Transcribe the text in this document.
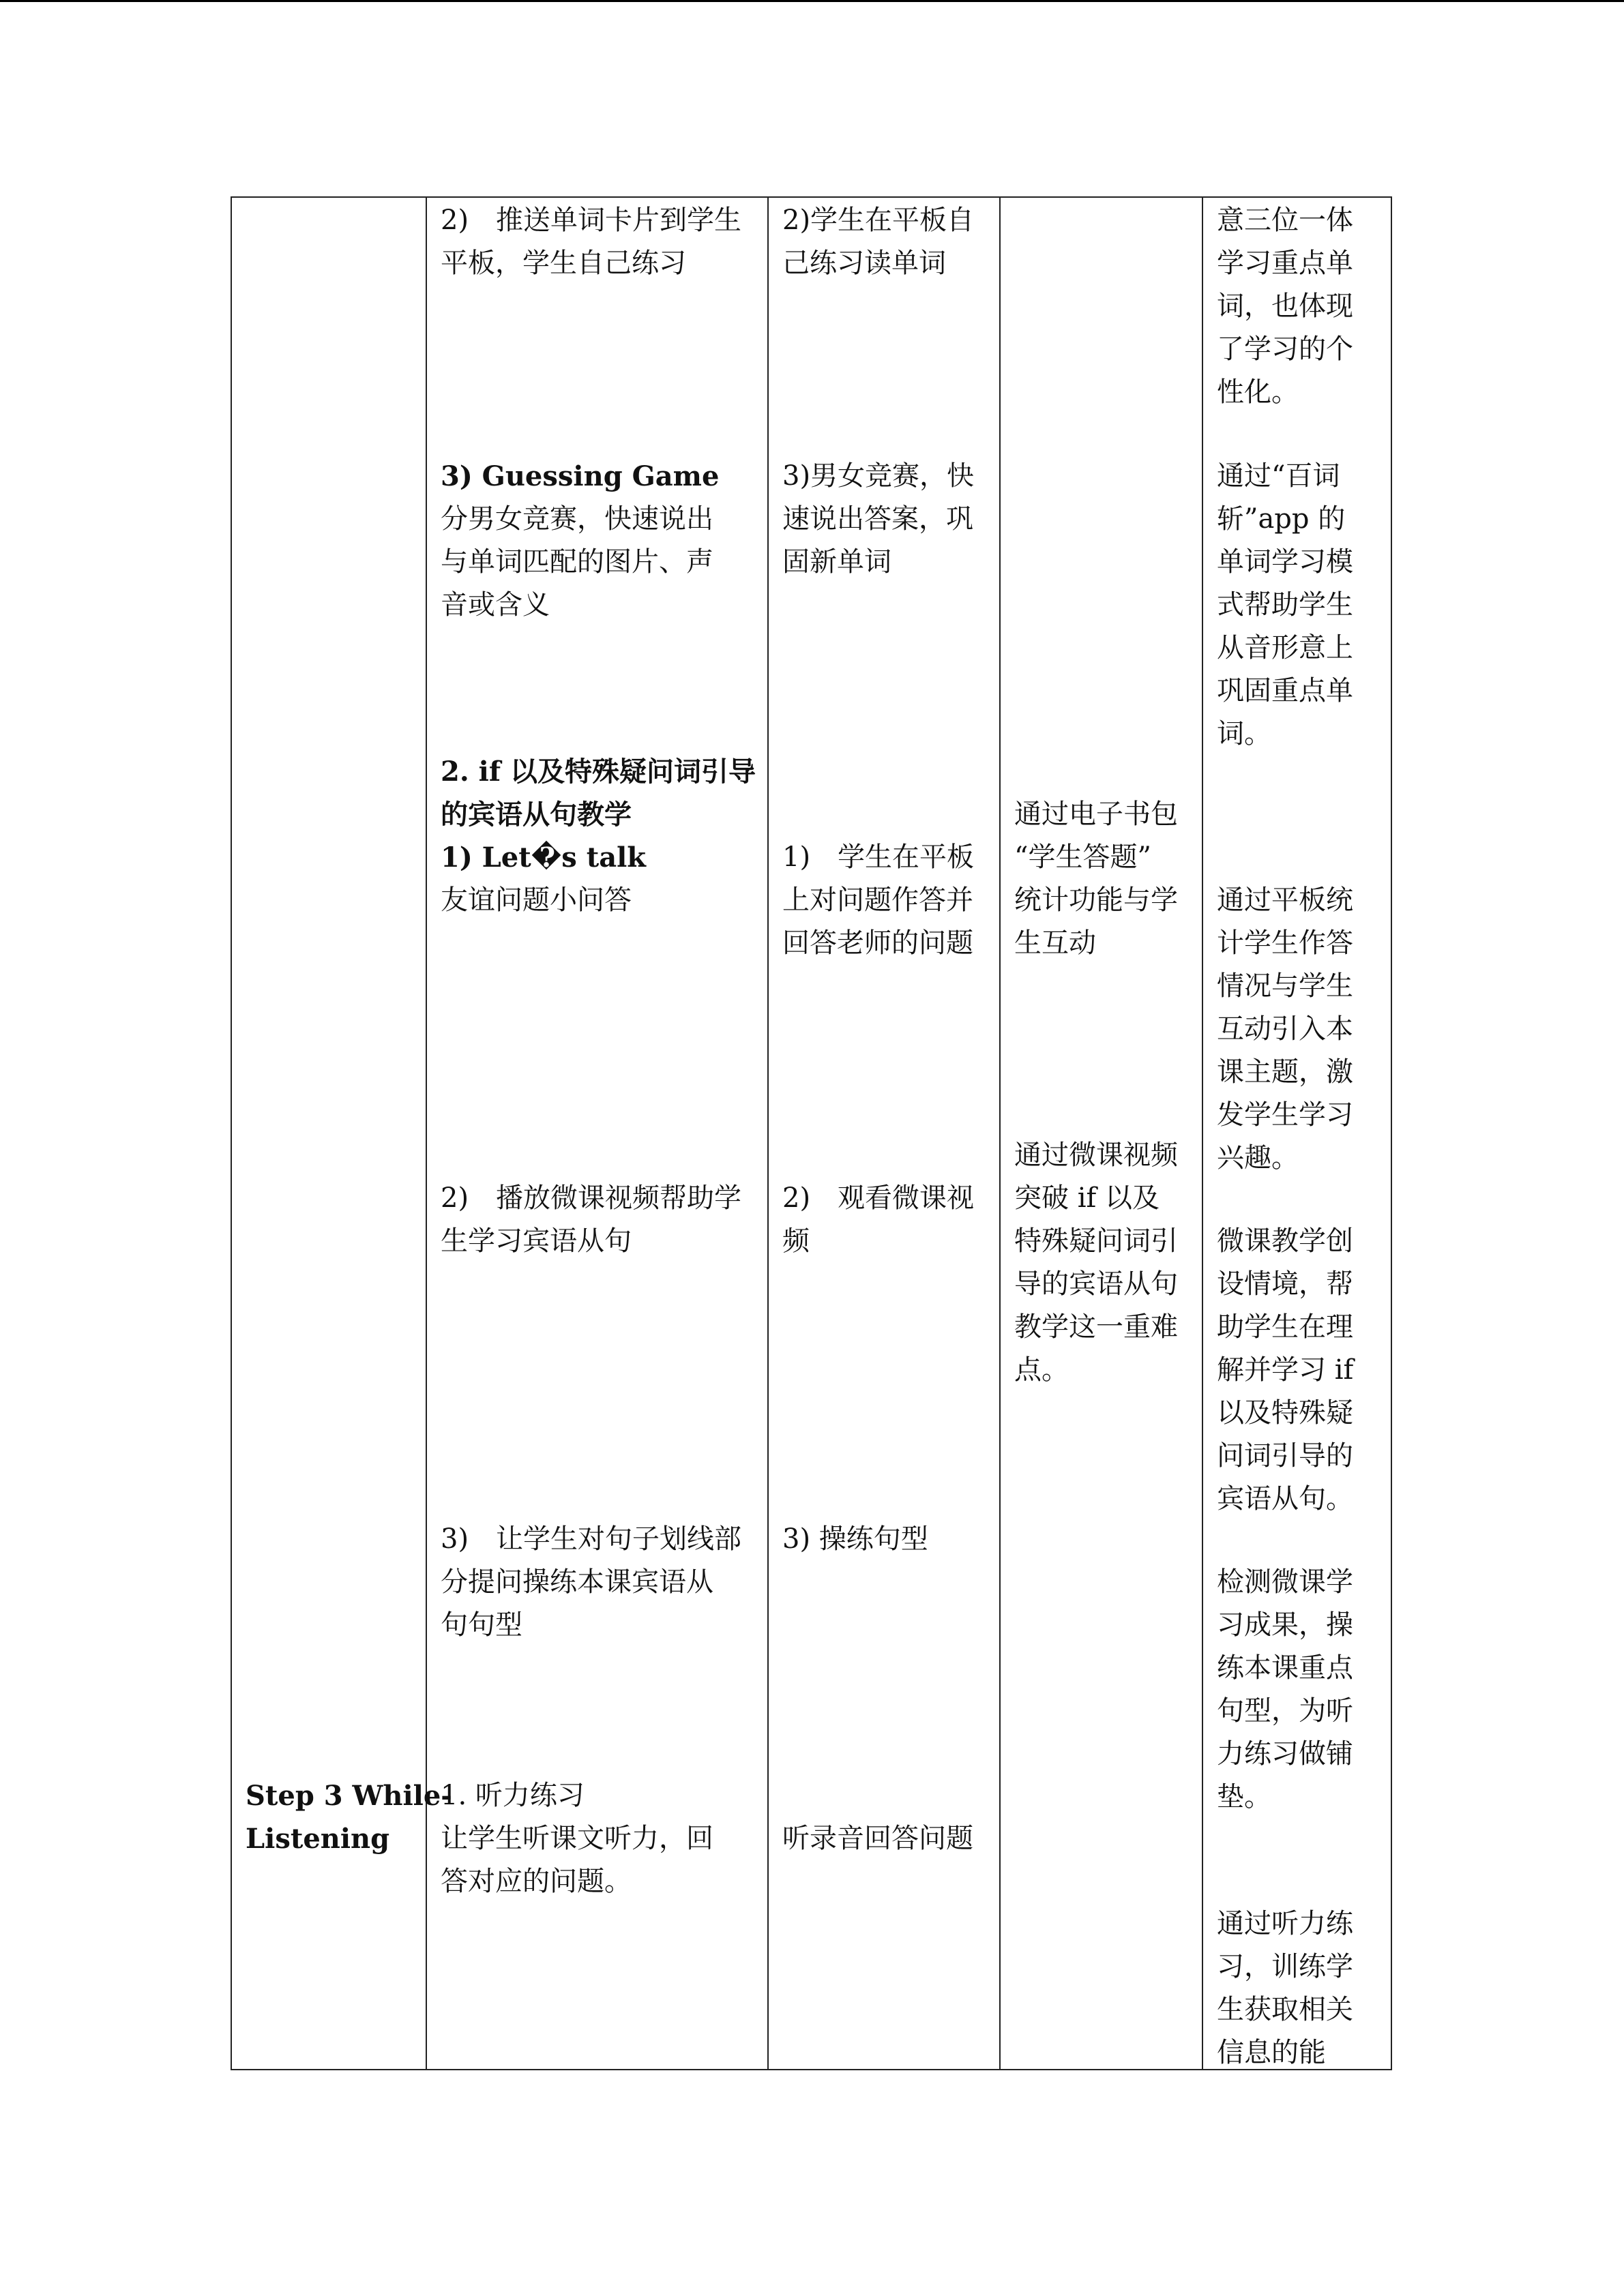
Step 3 While-
Listening
2)　推送单词卡片到学生
平板，学生自己练习
3) Guessing Game
分男女竞赛，快速说出
与单词匹配的图片、声
音或含义
2. if 以及特殊疑问词引导
的宾语从句教学
1) Let�s talk
友谊问题小问答
2)　播放微课视频帮助学
生学习宾语从句
3)　让学生对句子划线部
分提问操练本课宾语从
句句型
1. 听力练习
让学生听课文听力，回
答对应的问题。
2)学生在平板自
己练习读单词
3)男女竞赛，快
速说出答案，巩
固新单词
1)　学生在平板
上对问题作答并
回答老师的问题
2)　观看微课视
频
3) 操练句型
听录音回答问题
通过电子书包
“学生答题”
统计功能与学
生互动
通过微课视频
突破 if 以及
特殊疑问词引
导的宾语从句
教学这一重难
点。
意三位一体
学习重点单
词，也体现
了学习的个
性化。
通过“百词
斩”app 的
单词学习模
式帮助学生
从音形意上
巩固重点单
词。
通过平板统
计学生作答
情况与学生
互动引入本
课主题，激
发学生学习
兴趣。
微课教学创
设情境，帮
助学生在理
解并学习 if
以及特殊疑
问词引导的
宾语从句。
检测微课学
习成果，操
练本课重点
句型，为听
力练习做铺
垫。
通过听力练
习，训练学
生获取相关
信息的能
